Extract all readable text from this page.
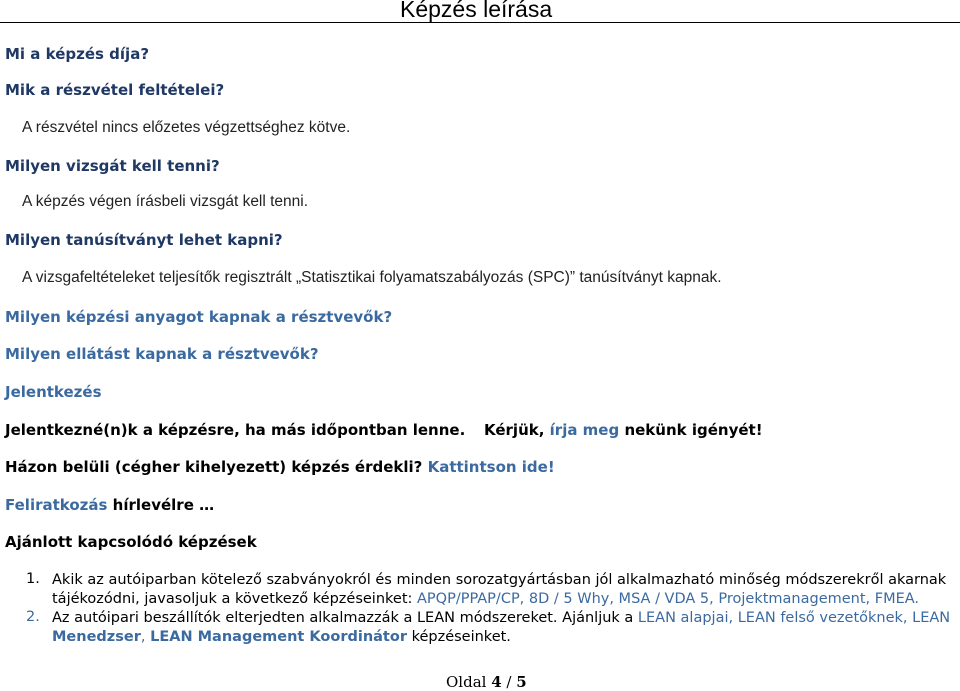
Képzés leírása
Mi a képzés díja?
Mik a részvétel feltételei?
A részvétel nincs előzetes végzettséghez kötve.
Milyen vizsgát kell tenni?
A képzés végen írásbeli vizsgát kell tenni.
Milyen tanúsítványt lehet kapni?
A vizsgafeltételeket teljesítők regisztrált „Statisztikai folyamatszabályozás (SPC)” tanúsítványt kapnak.
Milyen képzési anyagot kapnak a résztvevők?
Milyen ellátást kapnak a résztvevők?
Jelentkezés
Jelentkezné(n)k a képzésre, ha más időpontban lenne. Kérjük, írja meg nekünk igényét!
Házon belüli (cégher kihelyezett) képzés érdekli? Kattintson ide!
Feliratkozás hírlevélre …
Ajánlott kapcsolódó képzések
1. Akik az autóiparban kötelező szabványokról és minden sorozatgyártásban jól alkalmazható minőség módszerekről akarnak tájékozódni, javasoljuk a következő képzéseinket: APQP/PPAP/CP, 8D / 5 Why, MSA / VDA 5, Projektmanagement, FMEA.
2. Az autóipari beszállítók elterjedten alkalmazzák a LEAN módszereket. Ajánljuk a LEAN alapjai, LEAN felső vezetőknek, LEAN Menedzser, LEAN Management Koordinátor képzéseinket.
Oldal 4 / 5
